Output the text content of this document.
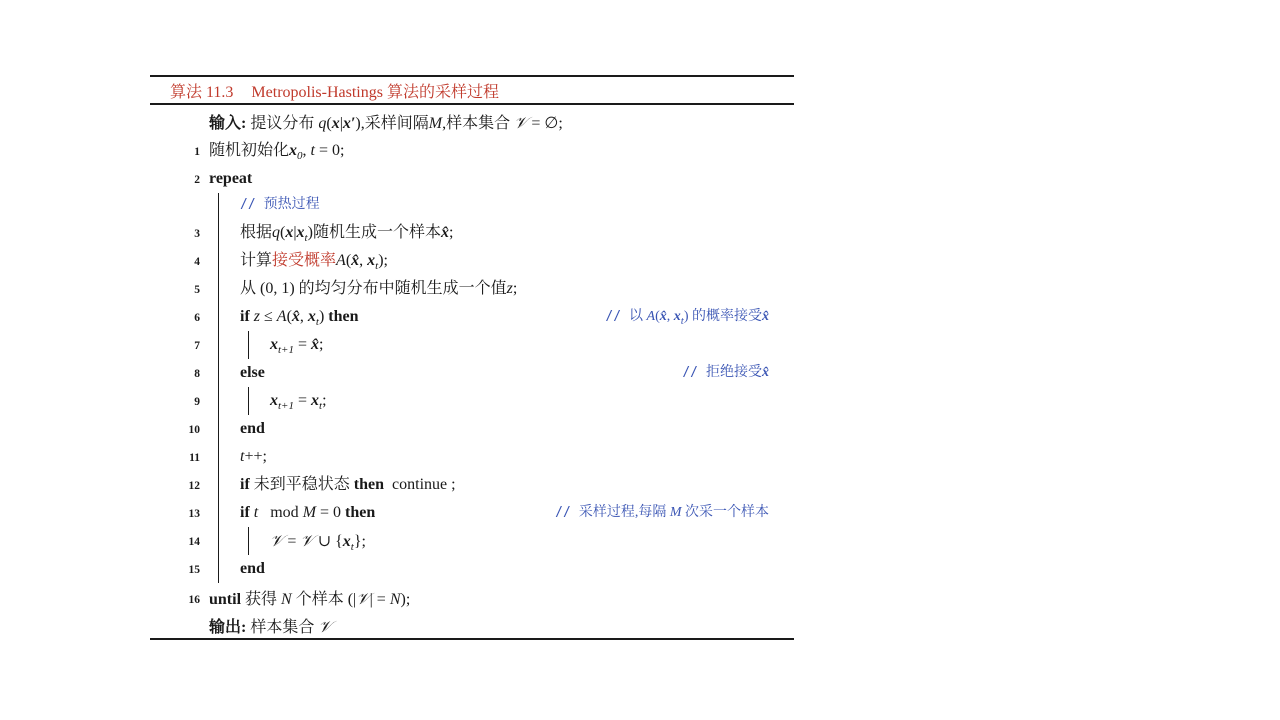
算法 11.3 Metropolis-Hastings 算法的采样过程
输入: 提议分布 q(x|x′),采样间隔M,样本集合 𝒱 = ∅;
1 随机初始化$x_0$, t = 0;
2 repeat
// 预热过程
3	根据$q(x|x_t)$随机生成一个样本x̂;
4	计算接受概率A(x̂, $x_t$);
5	从 (0, 1) 的均匀分布中随机生成一个值z;
6	if z ≤ A(x̂, $x_t$) then	// 以 A(x̂, $x_t$) 的概率接受x̂
7	$x_{t+1}$ = x̂;
8	else	// 拒绝接受x̂
9	$x_{t+1} = x_t$;
10	end
11	t++;
12	if 未到平稳状态 then  continue ;
13	if t   mod M = 0 then	// 采样过程,每隔 M 次采一个样本
14	𝒱 = 𝒱 ∪ $\{x_t\}$;
15	end
16 until 获得 N 个样本 (|𝒱| = N);
输出: 样本集合 𝒱
